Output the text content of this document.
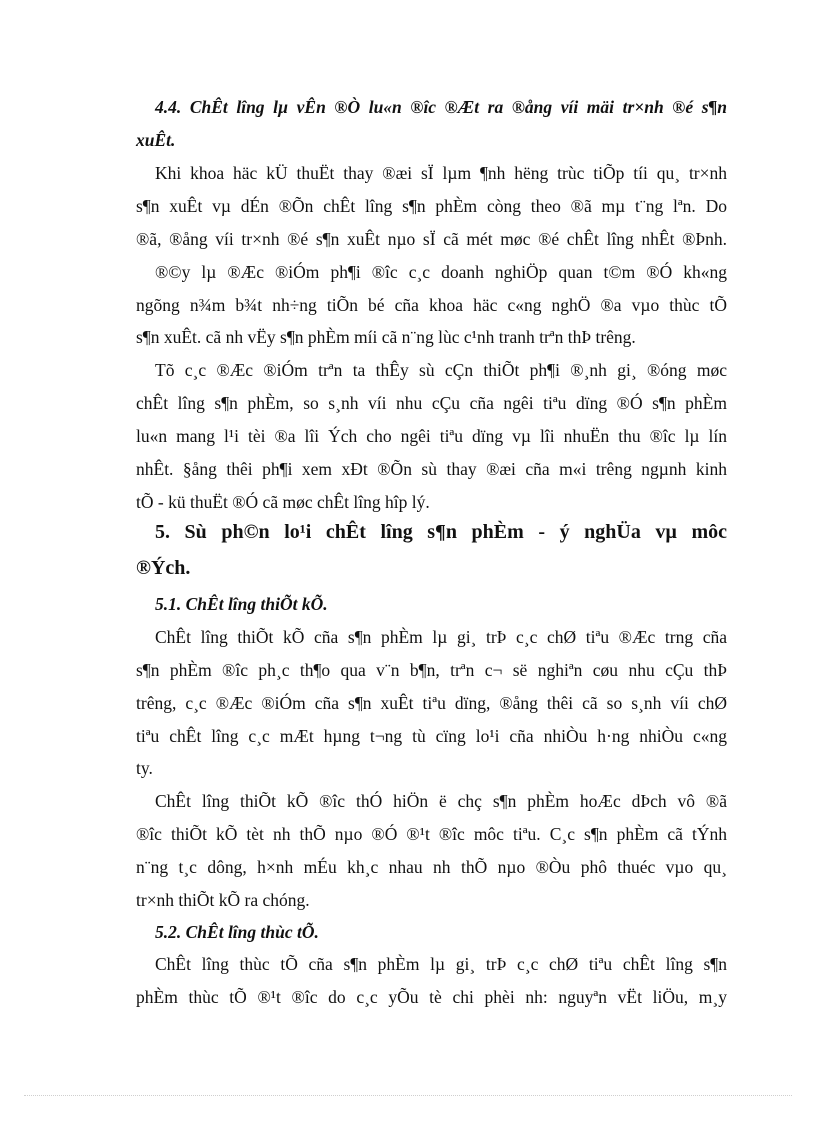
4.4. ChÊt lîng lµ vÊn ®Ò lu«n ®îc ®Æt ra ®ång víi mäi tr×nh ®é s¶n
xuÊt.
Khi khoa häc kÜ thuËt thay ®æi sÏ lµm ¶nh hëng trùc tiÕp tíi qu¸ tr×nh
s¶n xuÊt vµ dÉn ®Õn chÊt lîng s¶n phÈm còng theo ®ã mµ t¨ng lªn. Do
®ã, ®ång víi tr×nh ®é s¶n xuÊt nµo sÏ cã mét møc ®é chÊt lîng nhÊt ®Þnh.
®©y lµ ®Æc ®iÓm ph¶i ®îc c¸c doanh nghiÖp quan t©m ®Ó kh«ng
ngõng n¾m b¾t nh÷ng tiÕn bé cña khoa häc c«ng nghÖ ®a vµo thùc tÕ
s¶n xuÊt. cã nh vËy s¶n phÈm míi cã n¨ng lùc c¹nh tranh trªn thÞ trêng.
Tõ c¸c ®Æc ®iÓm trªn ta thÊy sù cÇn thiÕt ph¶i ®¸nh gi¸ ®óng møc
chÊt lîng s¶n phÈm, so s¸nh víi nhu cÇu cña ngêi tiªu dïng ®Ó s¶n phÈm
lu«n mang l¹i tèi ®a lîi Ých cho ngêi tiªu dïng vµ lîi nhuËn thu ®îc lµ lín
nhÊt. §ång thêi ph¶i xem xÐt ®Õn sù thay ®æi cña m«i trêng ngµnh kinh
tÕ - kü thuËt ®Ó cã møc chÊt lîng hîp lý.
5. Sù ph©n lo¹i chÊt lîng s¶n phÈm - ý nghÜa vµ môc
®Ých.
5.1. ChÊt lîng thiÕt kÕ.
ChÊt lîng thiÕt kÕ cña s¶n phÈm lµ gi¸ trÞ c¸c chØ tiªu ®Æc trng cña
s¶n phÈm ®îc ph¸c th¶o qua v¨n b¶n, trªn c¬ së nghiªn cøu nhu cÇu thÞ
trêng, c¸c ®Æc ®iÓm cña s¶n xuÊt tiªu dïng, ®ång thêi cã so s¸nh víi chØ
tiªu chÊt lîng c¸c mÆt hµng t¬ng tù cïng lo¹i cña nhiÒu h·ng nhiÒu c«ng
ty.
ChÊt lîng thiÕt kÕ ®îc thÓ hiÖn ë chç s¶n phÈm hoÆc dÞch vô ®ã
®îc thiÕt kÕ tèt nh thÕ nµo ®Ó ®¹t ®îc môc tiªu. C¸c s¶n phÈm cã tÝnh
n¨ng t¸c dông, h×nh mÉu kh¸c nhau nh thÕ nµo ®Òu phô thuéc vµo qu¸
tr×nh thiÕt kÕ ra chóng.
5.2. ChÊt lîng thùc tÕ.
ChÊt lîng thùc tÕ cña s¶n phÈm lµ gi¸ trÞ c¸c chØ tiªu chÊt lîng s¶n
phÈm thùc tÕ ®¹t ®îc do c¸c yÕu tè chi phèi nh: nguyªn vËt liÖu, m¸y
